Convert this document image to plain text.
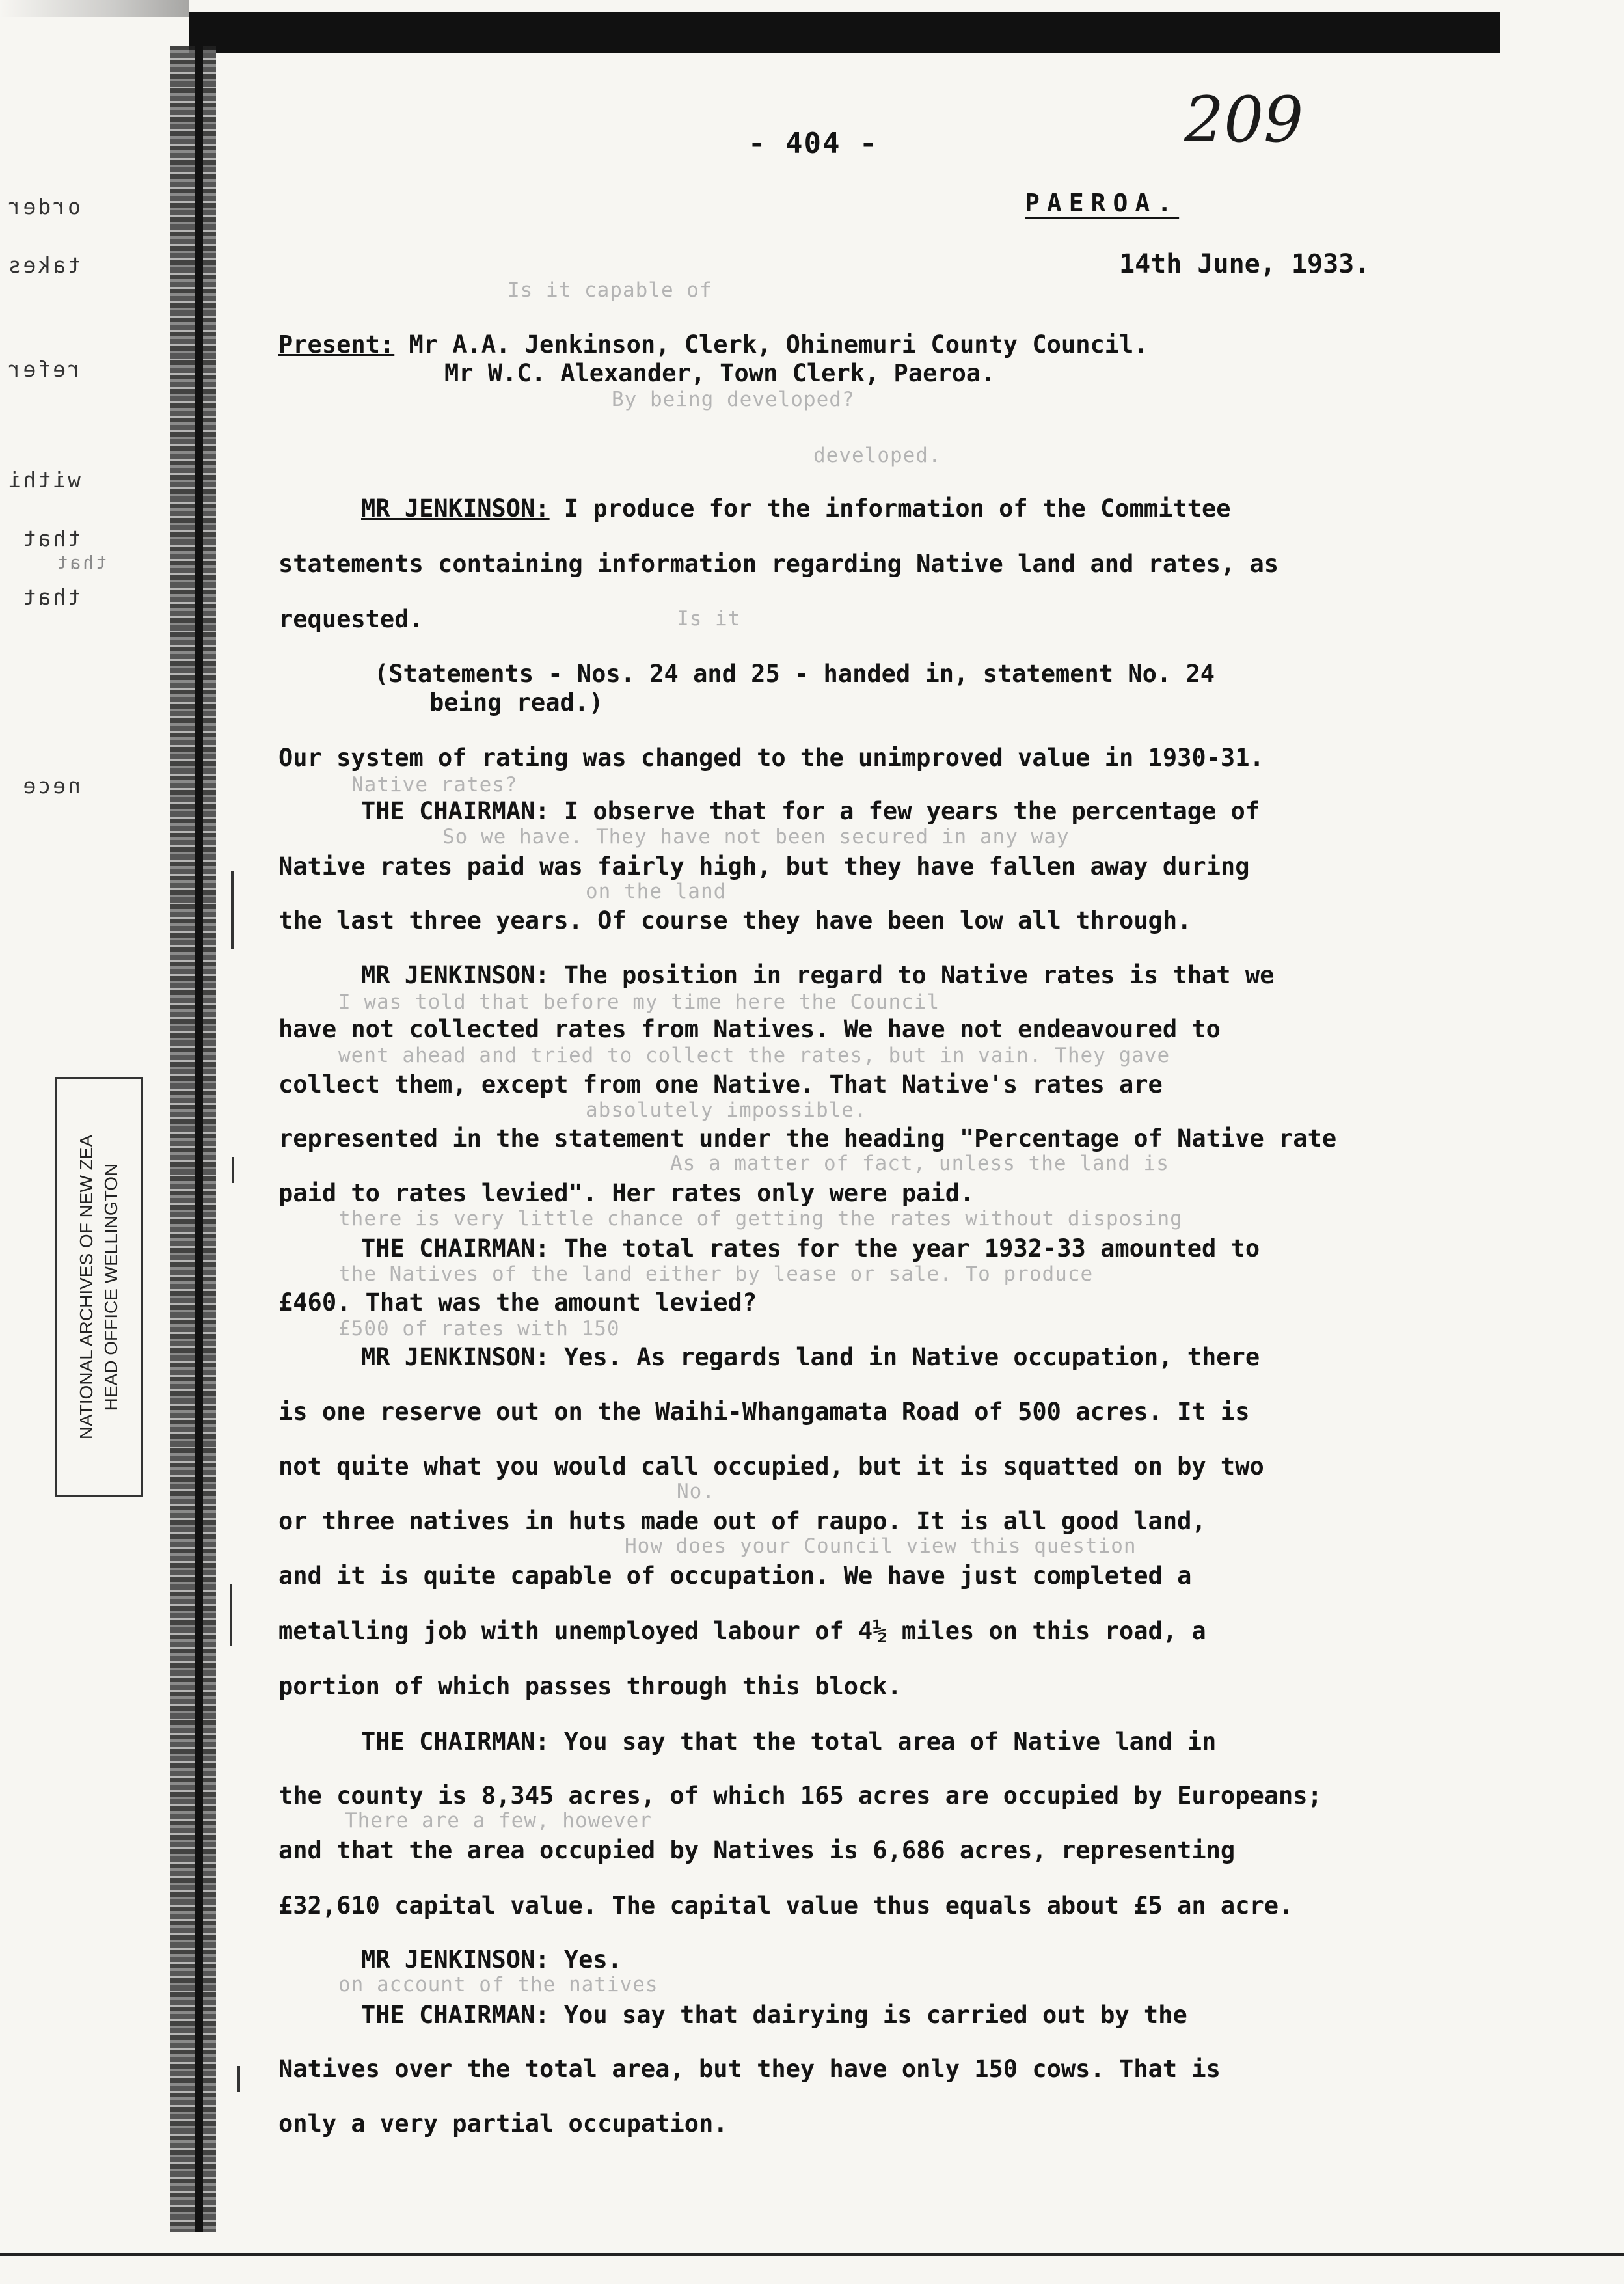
order
takes
refer
withi
that
that
that
nece
NATIONAL ARCHIVES OF NEW ZEA HEAD OFFICE WELLINGTON
- 404 -	209
PAEROA.
14th June, 1933.
Is it capable of
Present: Mr A.A. Jenkinson, Clerk, Ohinemuri County Council.
Mr W.C. Alexander, Town Clerk, Paeroa.
By being developed?
developed.
MR JENKINSON: I produce for the information of the Committee
statements containing information regarding Native land and rates, as
requested.	Is it
(Statements - Nos. 24 and 25 - handed in, statement No. 24
being read.)
Our system of rating was changed to the unimproved value in 1930-31.
Native rates?
THE CHAIRMAN: I observe that for a few years the percentage of
So we have. They have not been secured in any way
Native rates paid was fairly high, but they have fallen away during
on the land
the last three years. Of course they have been low all through.
MR JENKINSON: The position in regard to Native rates is that we
I was told that before my time here the Council
have not collected rates from Natives. We have not endeavoured to
went ahead and tried to collect the rates, but in vain. They gave
collect them, except from one Native. That Native's rates are
absolutely impossible.
represented in the statement under the heading "Percentage of Native rate
As a matter of fact, unless the land is
paid to rates levied". Her rates only were paid.
there is very little chance of getting the rates without disposing
THE CHAIRMAN: The total rates for the year 1932-33 amounted to
the Natives of the land either by lease or sale. To produce
£460. That was the amount levied?
£500 of rates with 150
MR JENKINSON: Yes. As regards land in Native occupation, there
is one reserve out on the Waihi-Whangamata Road of 500 acres. It is
not quite what you would call occupied, but it is squatted on by two
No.
or three natives in huts made out of raupo. It is all good land,
How does your Council view this question
and it is quite capable of occupation. We have just completed a
metalling job with unemployed labour of 4½ miles on this road, a
portion of which passes through this block.
THE CHAIRMAN: You say that the total area of Native land in
the county is 8,345 acres, of which 165 acres are occupied by Europeans;
There are a few, however
and that the area occupied by Natives is 6,686 acres, representing
£32,610 capital value. The capital value thus equals about £5 an acre.
MR JENKINSON: Yes.
on account of the natives
THE CHAIRMAN: You say that dairying is carried out by the
Natives over the total area, but they have only 150 cows. That is
only a very partial occupation.
